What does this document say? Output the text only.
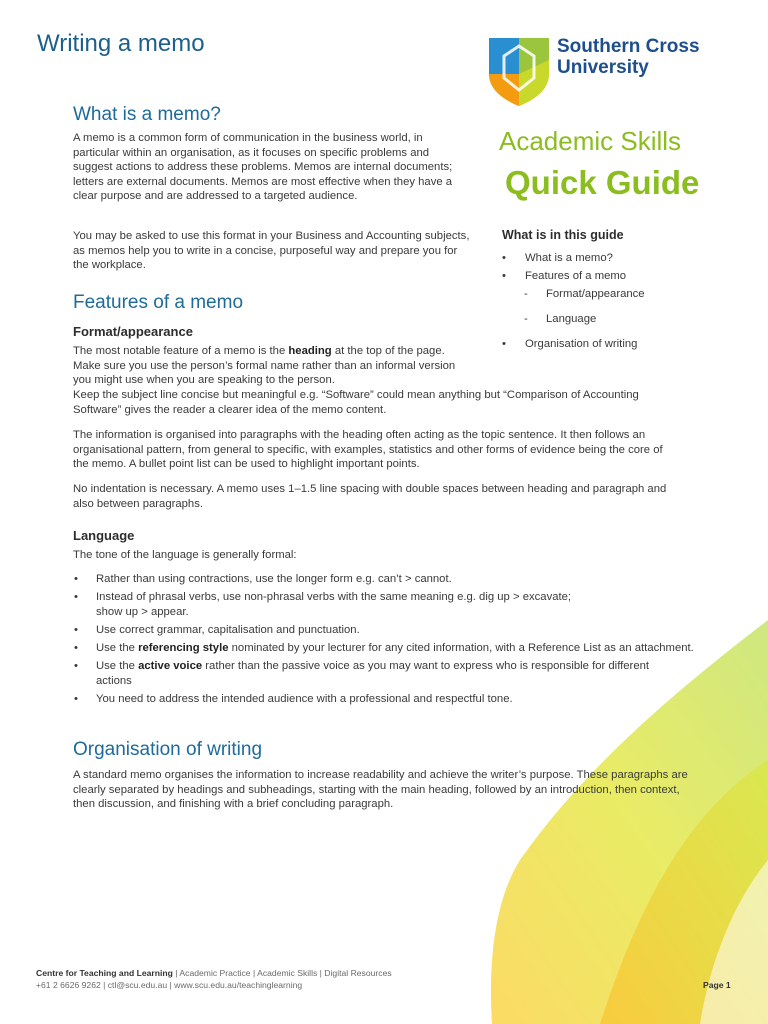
Southern Cross
University
Academic Skills
Quick Guide
Writing a memo
What is in this guide
• What is a memo?
• Features of a memo
- Format/appearance
- Language
• Organisation of writing
What is a memo?

A memo is a common form of communication in the business world, in particular within an organisation, as it focuses on specific problems and suggest actions to address these problems. Memos are internal documents; letters are external documents. Memos are most effective when they have a clear purpose and are addressed to a targeted audience.

You may be asked to use this format in your Business and Accounting subjects, as memos help you to write in a concise, purposeful way and prepare you for the workplace.

Features of a memo
Format/appearance

The most notable feature of a memo is the heading at the top of the page. Make sure you use the person’s formal name rather than an informal version you might use when you are speaking to the person.

Keep the subject line concise but meaningful e.g. “Software” could mean anything but “Comparison of Accounting Software” gives the reader a clearer idea of the memo content.

The information is organised into paragraphs with the heading often acting as the topic sentence. It then follows an organisational pattern, from general to specific, with examples, statistics and other forms of evidence being the core of the memo. A bullet point list can be used to highlight important points.

No indentation is necessary. A memo uses 1–1.5 line spacing with double spaces between heading and paragraph and also between paragraphs.

Language

The tone of the language is generally formal:

• Rather than using contractions, use the longer form e.g. can’t > cannot.
• Instead of phrasal verbs, use non-phrasal verbs with the same meaning e.g. dig up > excavate;
show up > appear.
• Use correct grammar, capitalisation and punctuation.
• Use the referencing style nominated by your lecturer for any cited information, with a Reference List as an attachment.
• Use the active voice rather than the passive voice as you may want to express who is responsible for different actions
• You need to address the intended audience with a professional and respectful tone.
Organisation of writing

A standard memo organises the information to increase readability and achieve the writer’s purpose. These paragraphs are clearly separated by headings and subheadings, starting with the main heading, followed by an introduction, then context, then discussion, and finishing with a brief concluding paragraph.

Centre for Teaching and Learning | Academic Practice | Academic Skills | Digital Resources
+61 2 6626 9262 | ctl@scu.edu.au | www.scu.edu.au/teachinglearning	Page 1
